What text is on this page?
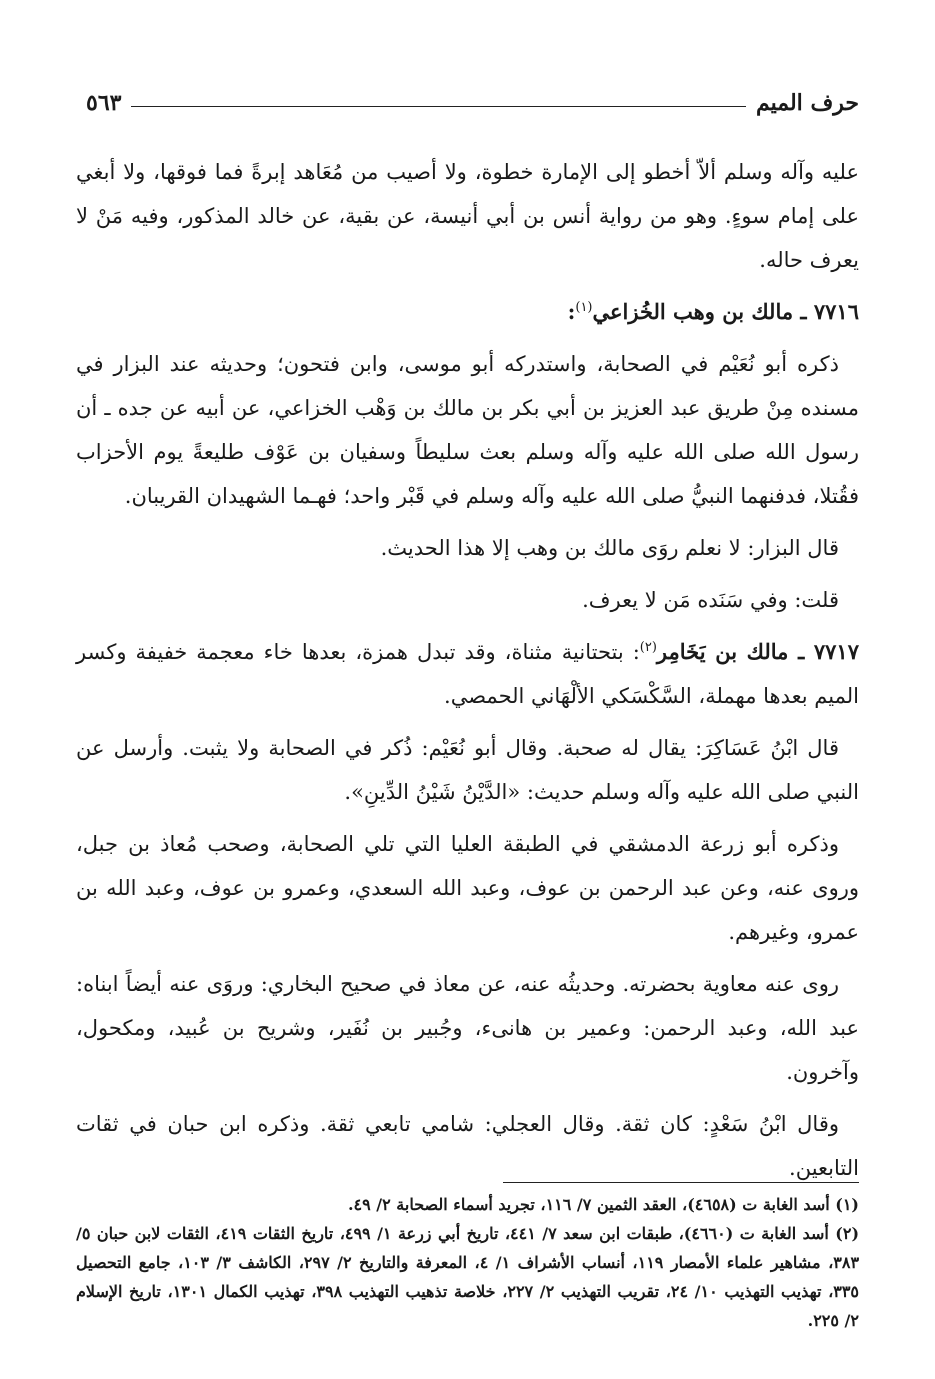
حرف الميم
٥٦٣

عليه وآله وسلم ألاّ أخطو إلى الإمارة خطوة، ولا أصيب من مُعَاهد إبرةً فما فوقها، ولا أبغي على إمام سوءٍ. وهو من رواية أنس بن أبي أنيسة، عن بقية، عن خالد المذكور، وفيه مَنْ لا يعرف حاله.

٧٧١٦ ـ مالك بن وهب الخُزاعي$^{(١)}$:

ذكره أبو نُعَيْم في الصحابة، واستدركه أبو موسى، وابن فتحون؛ وحديثه عند البزار في مسنده مِنْ طريق عبد العزيز بن أبي بكر بن مالك بن وَهْب الخزاعي، عن أبيه عن جده ـ أن رسول الله صلى الله عليه وآله وسلم بعث سليطاً وسفيان بن عَوْف طليعةً يوم الأحزاب فقُتلا، فدفنهما النبيُّ صلى الله عليه وآله وسلم في قَبْر واحد؛ فهـما الشهيدان القريبان.

قال البزار: لا نعلم روَى مالك بن وهب إلا هذا الحديث.

قلت: وفي سَنَده مَن لا يعرف.

٧٧١٧ ـ مالك بن يَخَامِر$^{(٢)}$: بتحتانية مثناة، وقد تبدل همزة، بعدها خاء معجمة خفيفة وكسر الميم بعدها مهملة، السَّكْسَكي الألْهَاني الحمصي.

قال ابْنُ عَسَاكِرَ: يقال له صحبة. وقال أبو نُعَيْم: ذُكر في الصحابة ولا يثبت. وأرسل عن النبي صلى الله عليه وآله وسلم حديث: «الدَّيْنُ شَيْنُ الدِّينِ».

وذكره أبو زرعة الدمشقي في الطبقة العليا التي تلي الصحابة، وصحب مُعاذ بن جبل، وروى عنه، وعن عبد الرحمن بن عوف، وعبد الله السعدي، وعمرو بن عوف، وعبد الله بن عمرو، وغيرهم.

روى عنه معاوية بحضرته. وحديثُه عنه، عن معاذ في صحيح البخاري: وروَى عنه أيضاً ابناه: عبد الله، وعبد الرحمن: وعمير بن هانىء، وجُبير بن نُفَير، وشريح بن عُبيد، ومكحول، وآخرون.

وقال ابْنُ سَعْدٍ: كان ثقة. وقال العجلي: شامي تابعي ثقة. وذكره ابن حبان في ثقات التابعين.

(١) أسد الغابة ت (٤٦٥٨)، العقد الثمين ٧/ ١١٦، تجريد أسماء الصحابة ٢/ ٤٩.

(٢) أسد الغابة ت (٤٦٦٠)، طبقات ابن سعد ٧/ ٤٤١، تاريخ أبي زرعة ١/ ٤٩٩، تاريخ الثقات ٤١٩، الثقات لابن حبان ٥/ ٣٨٣، مشاهير علماء الأمصار ١١٩، أنساب الأشراف ١/ ٤، المعرفة والتاريخ ٢/ ٢٩٧، الكاشف ٣/ ١٠٣، جامع التحصيل ٣٣٥، تهذيب التهذيب ١٠/ ٢٤، تقريب التهذيب ٢/ ٢٢٧، خلاصة تذهيب التهذيب ٣٩٨، تهذيب الكمال ١٣٠١، تاريخ الإسلام ٢/ ٢٢٥.
